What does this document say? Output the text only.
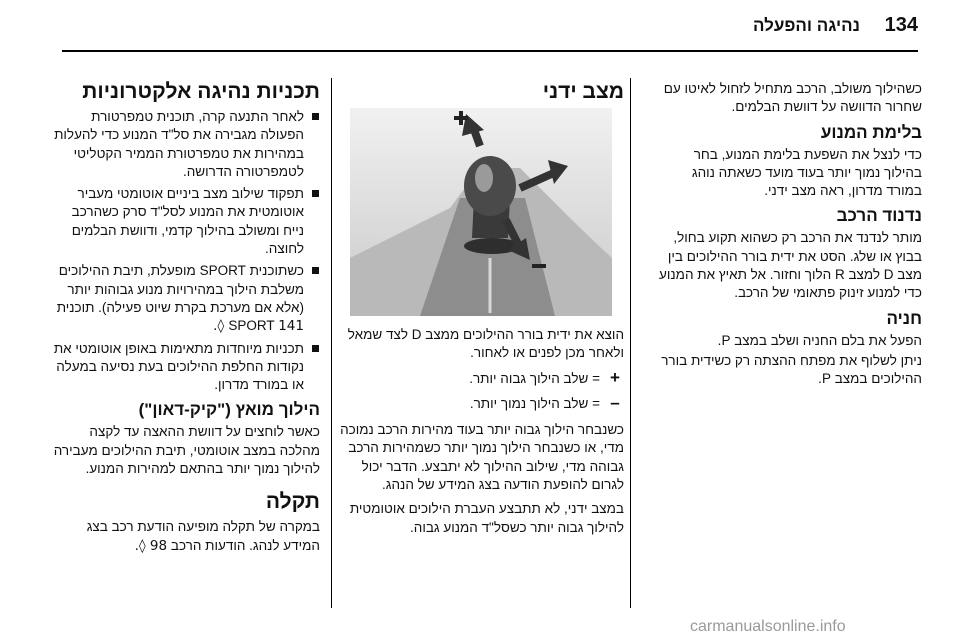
134
נהיגה והפעלה

כשהילוך משולב, הרכב מתחיל לזחול לאיטו עם שחרור הדוושה על דוושת הבלמים.

בלימת המנוע

כדי לנצל את השפעת בלימת המנוע, בחר בהילוך נמוך יותר בעוד מועד כשאתה נוהג במורד מדרון, ראה מצב ידני.

נדנוד הרכב

מותר לנדנד את הרכב רק כשהוא תקוע בחול, בבוץ או שלג. הסט את ידית בורר ההילוכים בין מצב D למצב R הלוך וחזור. אל תאיץ את המנוע כדי למנוע זינוק פתאומי של הרכב.

חניה

הפעל את בלם החניה ושלב במצב P.

ניתן לשלוף את מפתח ההצתה רק כשידית בורר ההילוכים במצב P.

מצב ידני

הוצא את ידית בורר ההילוכים ממצב D לצד שמאל ולאחר מכן לפנים או לאחור.

+= שלב הילוך גבוה יותר.

–= שלב הילוך נמוך יותר.

כשנבחר הילוך גבוה יותר בעוד מהירות הרכב נמוכה מדי, או כשנבחר הילוך נמוך יותר כשמהירות הרכב גבוהה מדי, שילוב ההילוך לא יתבצע. הדבר יכול לגרום להופעת הודעה בצג המידע של הנהג.

במצב ידני, לא תתבצע העברת הילוכים אוטומטית להילוך גבוה יותר כשסל"ד המנוע גבוה.

תכניות נהיגה אלקטרוניות
לאחר התנעה קרה, תוכנית טמפרטורת הפעולה מגבירה את סל"ד המנוע כדי להעלות במהירות את טמפרטורת הממיר הקטליטי לטמפרטורה הדרושה.
תפקוד שילוב מצב ביניים אוטומטי מעביר אוטומטית את המנוע לסל"ד סרק כשהרכב נייח ומשולב בהילוך קדמי, ודוושת הבלמים לחוצה.
כשתוכנית SPORT מופעלת, תיבת ההילוכים משלבת הילוך במהירויות מנוע גבוהות יותר (אלא אם מערכת בקרת שיוט פעילה). תוכנית SPORT 141 ◊.
תכניות מיוחדות מתאימות באופן אוטומטי את נקודות החלפת ההילוכים בעת נסיעה במעלה או במורד מדרון.
הילוך מואץ ("קיק-דאון")

כאשר לוחצים על דוושת ההאצה עד לקצה מהלכה במצב אוטומטי, תיבת ההילוכים מעבירה להילוך נמוך יותר בהתאם למהירות המנוע.

תקלה

במקרה של תקלה מופיעה הודעת רכב בצג המידע לנהג. הודעות הרכב 98 ◊.

carmanualsonline.info
